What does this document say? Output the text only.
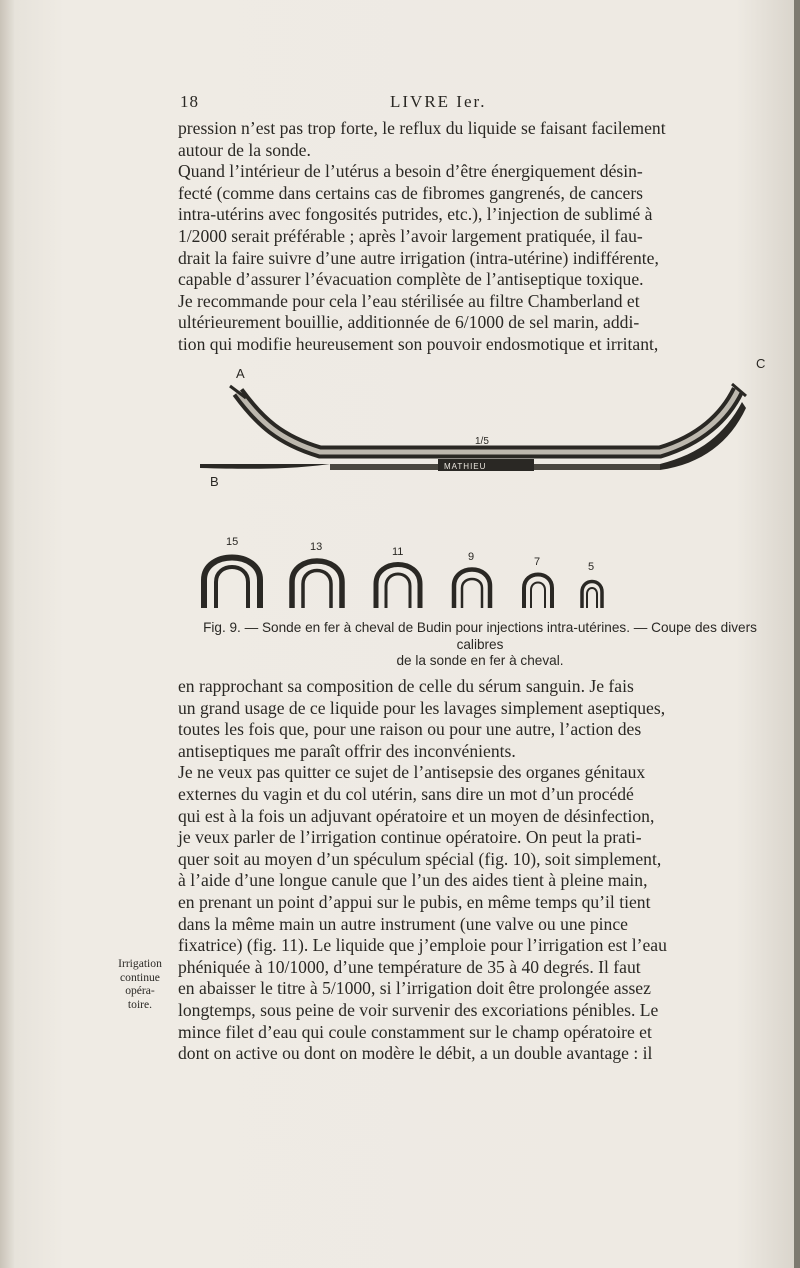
18	LIVRE Ier.
pression n’est pas trop forte, le reflux du liquide se faisant facilement
autour de la sonde.
Quand l’intérieur de l’utérus a besoin d’être énergiquement désin-
fecté (comme dans certains cas de fibromes gangrenés, de cancers
intra-utérins avec fongosités putrides, etc.), l’injection de sublimé à
1/2000 serait préférable ; après l’avoir largement pratiquée, il fau-
drait la faire suivre d’une autre irrigation (intra-utérine) indifférente,
capable d’assurer l’évacuation complète de l’antiseptique toxique.
Je recommande pour cela l’eau stérilisée au filtre Chamberland et
ultérieurement bouillie, additionnée de 6/1000 de sel marin, addi-
tion qui modifie heureusement son pouvoir endosmotique et irritant,
A
B
C
1/5
MATHIEU
15	13	11	9	7	5
Fig. 9. — Sonde en fer à cheval de Budin pour injections intra-utérines. — Coupe des divers calibres
de la sonde en fer à cheval.
Irrigation
continue opéra-
toire.
en rapprochant sa composition de celle du sérum sanguin. Je fais
un grand usage de ce liquide pour les lavages simplement aseptiques,
toutes les fois que, pour une raison ou pour une autre, l’action des
antiseptiques me paraît offrir des inconvénients.
Je ne veux pas quitter ce sujet de l’antisepsie des organes génitaux
externes du vagin et du col utérin, sans dire un mot d’un procédé
qui est à la fois un adjuvant opératoire et un moyen de désinfection,
je veux parler de l’irrigation continue opératoire. On peut la prati-
quer soit au moyen d’un spéculum spécial (fig. 10), soit simplement,
à l’aide d’une longue canule que l’un des aides tient à pleine main,
en prenant un point d’appui sur le pubis, en même temps qu’il tient
dans la même main un autre instrument (une valve ou une pince
fixatrice) (fig. 11). Le liquide que j’emploie pour l’irrigation est l’eau
phéniquée à 10/1000, d’une température de 35 à 40 degrés. Il faut
en abaisser le titre à 5/1000, si l’irrigation doit être prolongée assez
longtemps, sous peine de voir survenir des excoriations pénibles. Le
mince filet d’eau qui coule constamment sur le champ opératoire et
dont on active ou dont on modère le débit, a un double avantage : il
